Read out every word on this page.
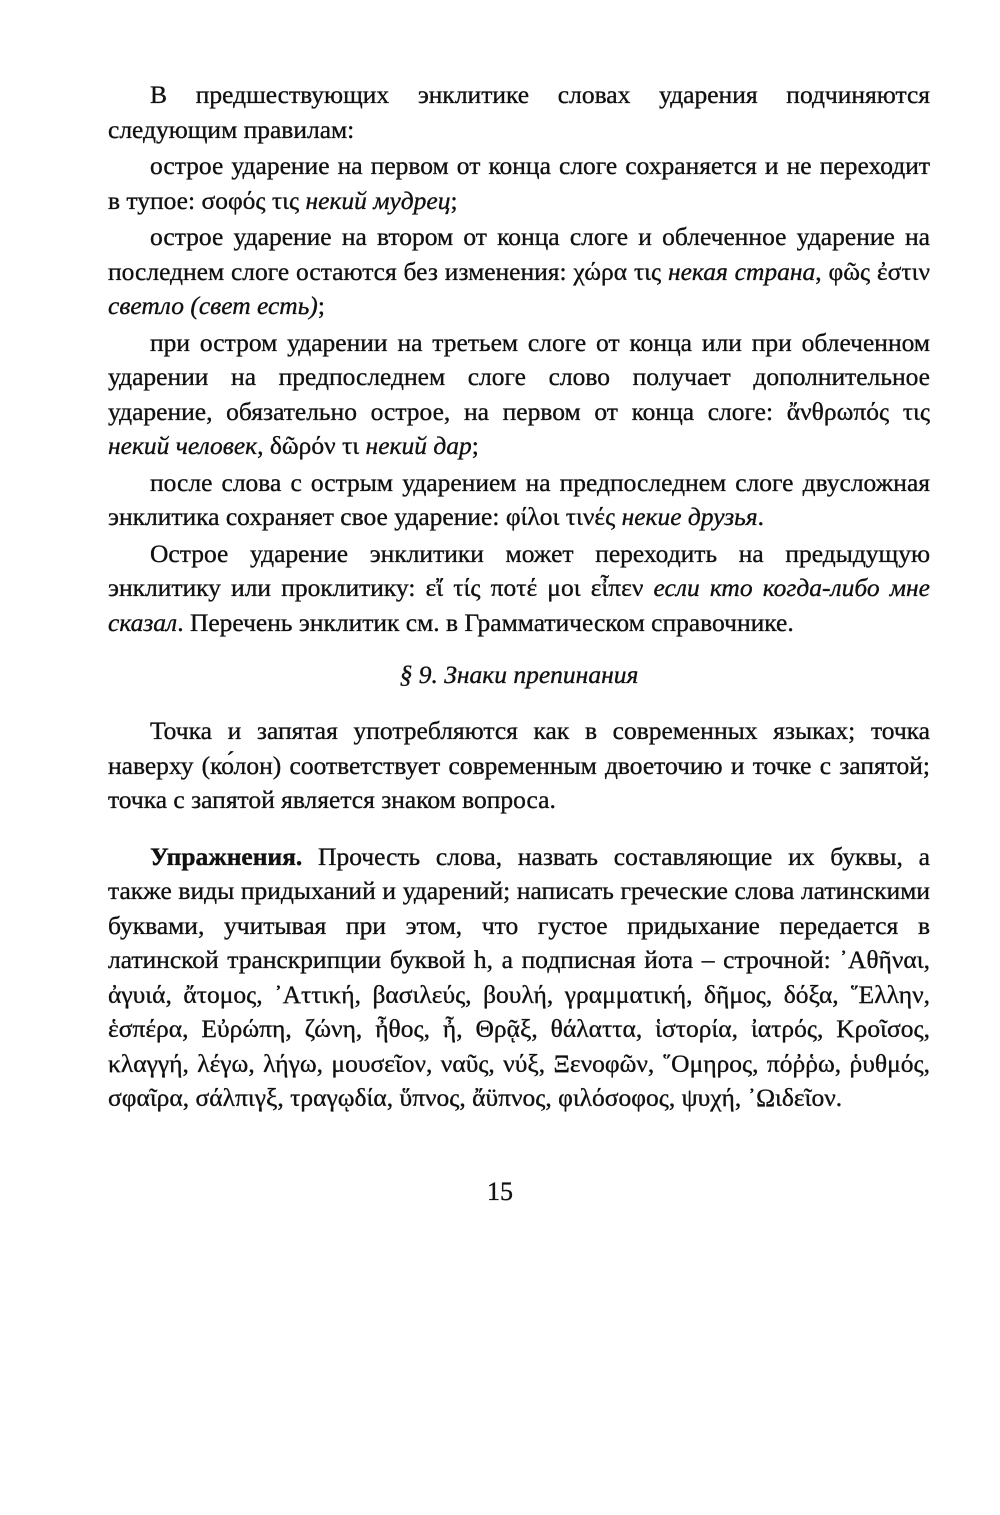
В предшествующих энклитике словах ударения подчиняются следующим правилам:

острое ударение на первом от конца слоге сохраняется и не переходит в тупое: σοφός τις некий мудрец;

острое ударение на втором от конца слоге и облеченное ударение на последнем слоге остаются без изменения: χώρα τις некая страна, φῶς ἐστιν светло (свет есть);

при остром ударении на третьем слоге от конца или при облеченном ударении на предпоследнем слоге слово получает дополнительное ударение, обязательно острое, на первом от конца слоге: ἄνθρωπός τις некий человек, δῶρόν τι некий дар;

после слова с острым ударением на предпоследнем слоге двусложная энклитика сохраняет свое ударение: φίλοι τινές некие друзья.

Острое ударение энклитики может переходить на предыдущую энклитику или проклитику: εἴ τίς ποτέ μοι εἶπεν если кто когда-либо мне сказал. Перечень энклитик см. в Грамматическом справочнике.

§ 9. Знаки препинания

Точка и запятая употребляются как в современных языках; точка наверху (ко́лон) соответствует современным двоеточию и точке с запятой; точка с запятой является знаком вопроса.

Упражнения. Прочесть слова, назвать составляющие их буквы, а также виды придыханий и ударений; написать греческие слова латинскими буквами, учитывая при этом, что густое придыхание передается в латинской транскрипции буквой h, а подписная йота – строчной: ᾿Αθῆναι, ἀγυιά, ἄτομος, ᾿Αττική, βασιλεύς, βουλή, γραμματική, δῆμος, δόξα, ῞Ελλην, ἑσπέρα, Εὐρώπη, ζώνη, ἦθος, ἦ, Θρᾷξ, θάλαττα, ἱστορία, ἰατρός, Κροῖσος, κλαγγή, λέγω, λήγω, μουσεῖον, ναῦς, νύξ, Ξενοφῶν, ῞Ομηρος, πόῤῥω, ῥυθμός, σφαῖρα, σάλπιγξ, τραγῳδία, ὕπνος, ἄϋπνος, φιλόσοφος, ψυχή, ᾿Ωιδεῖον.

15
